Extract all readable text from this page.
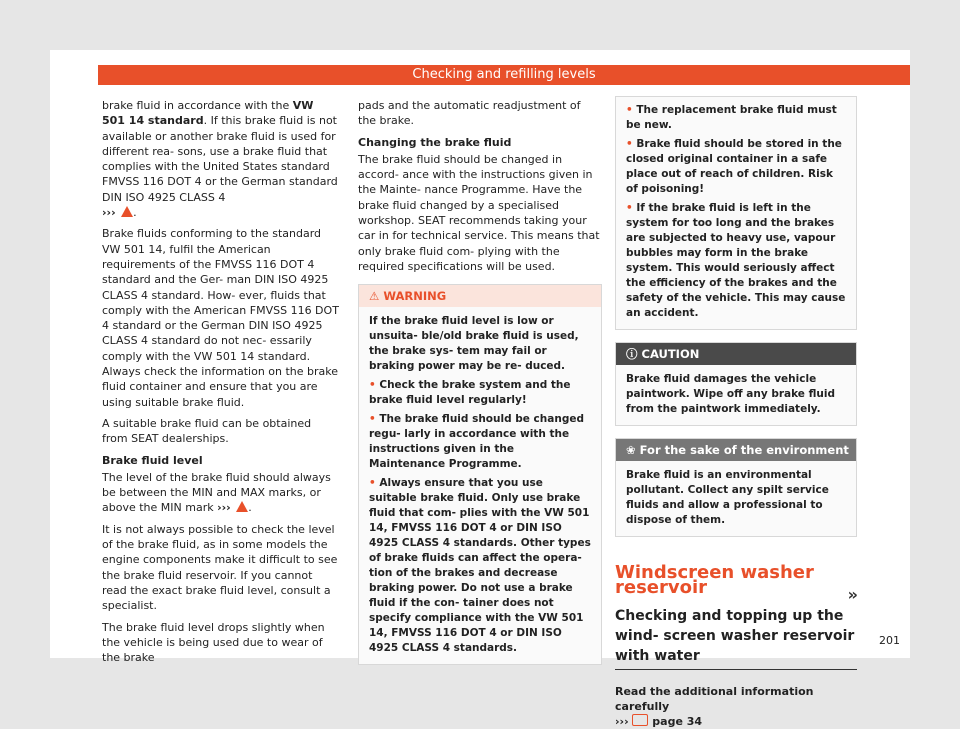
Checking and refilling levels

brake fluid in accordance with the VW 501 14 standard. If this brake fluid is not available or another brake fluid is used for different rea- sons, use a brake fluid that complies with the United States standard FMVSS 116 DOT 4 or the German standard DIN ISO 4925 CLASS 4
››› .

Brake fluids conforming to the standard VW 501 14, fulfil the American requirements of the FMVSS 116 DOT 4 standard and the Ger- man DIN ISO 4925 CLASS 4 standard. How- ever, fluids that comply with the American FMVSS 116 DOT 4 standard or the German DIN ISO 4925 CLASS 4 standard do not nec- essarily comply with the VW 501 14 standard. Always check the information on the brake fluid container and ensure that you are using suitable brake fluid.

A suitable brake fluid can be obtained from SEAT dealerships.

Brake fluid level

The level of the brake fluid should always be between the MIN and MAX marks, or above the MIN mark ››› .

It is not always possible to check the level of the brake fluid, as in some models the engine components make it difficult to see the brake fluid reservoir. If you cannot read the exact brake fluid level, consult a specialist.

The brake fluid level drops slightly when the vehicle is being used due to wear of the brake

pads and the automatic readjustment of the brake.

Changing the brake fluid

The brake fluid should be changed in accord- ance with the instructions given in the Mainte- nance Programme. Have the brake fluid changed by a specialised workshop. SEAT recommends taking your car in for technical service. This means that only brake fluid com- plying with the required specifications will be used.

⚠ WARNING
If the brake fluid level is low or unsuita- ble/old brake fluid is used, the brake sys- tem may fail or braking power may be re- duced.
• Check the brake system and the brake fluid level regularly!
• The brake fluid should be changed regu- larly in accordance with the instructions given in the Maintenance Programme.
• Always ensure that you use suitable brake fluid. Only use brake fluid that com- plies with the VW 501 14, FMVSS 116 DOT 4 or DIN ISO 4925 CLASS 4 standards. Other types of brake fluids can affect the opera- tion of the brakes and decrease braking power. Do not use a brake fluid if the con- tainer does not specify compliance with the VW 501 14, FMVSS 116 DOT 4 or DIN ISO 4925 CLASS 4 standards.
• The replacement brake fluid must be new.
• Brake fluid should be stored in the closed original container in a safe place out of reach of children. Risk of poisoning!
• If the brake fluid is left in the system for too long and the brakes are subjected to heavy use, vapour bubbles may form in the brake system. This would seriously affect the efficiency of the brakes and the safety of the vehicle. This may cause an accident.
ⓘ CAUTION
Brake fluid damages the vehicle paintwork. Wipe off any brake fluid from the paintwork immediately.
❀ For the sake of the environment
Brake fluid is an environmental pollutant. Collect any spilt service fluids and allow a professional to dispose of them.
Windscreen washer reservoir
Checking and topping up the wind- screen washer reservoir with water
Read the additional information carefully
››› page 34
»
201
